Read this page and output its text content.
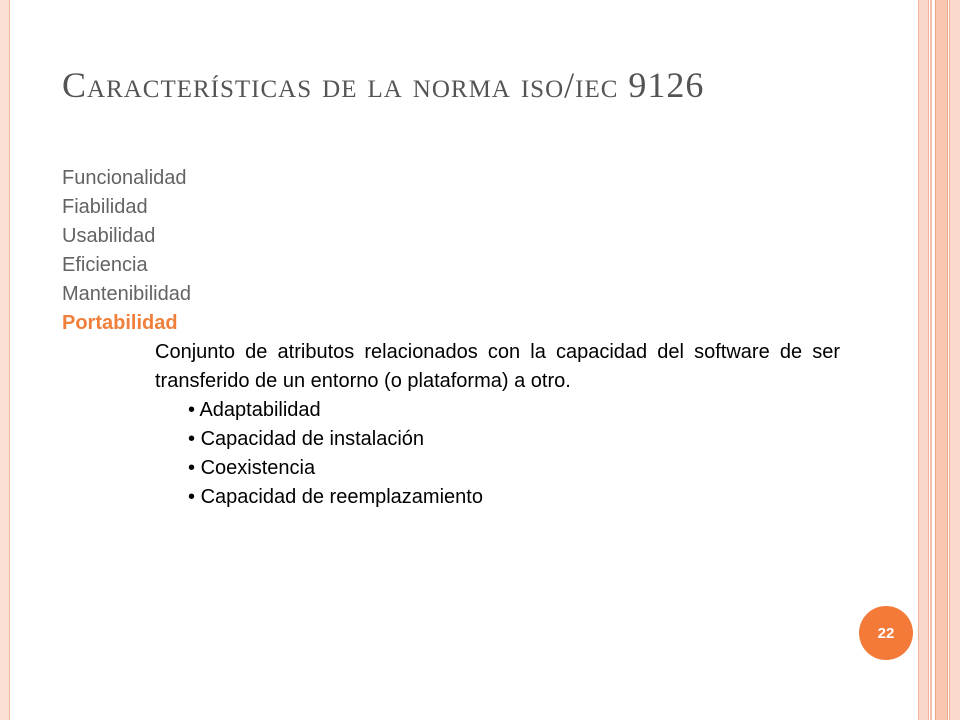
Características de la norma iso/iec 9126
Funcionalidad
Fiabilidad
Usabilidad
Eficiencia
Mantenibilidad
Portabilidad
Conjunto de atributos relacionados con la capacidad del software de ser transferido de un entorno (o plataforma) a otro.
• Adaptabilidad
• Capacidad de instalación
• Coexistencia
• Capacidad de reemplazamiento
22
